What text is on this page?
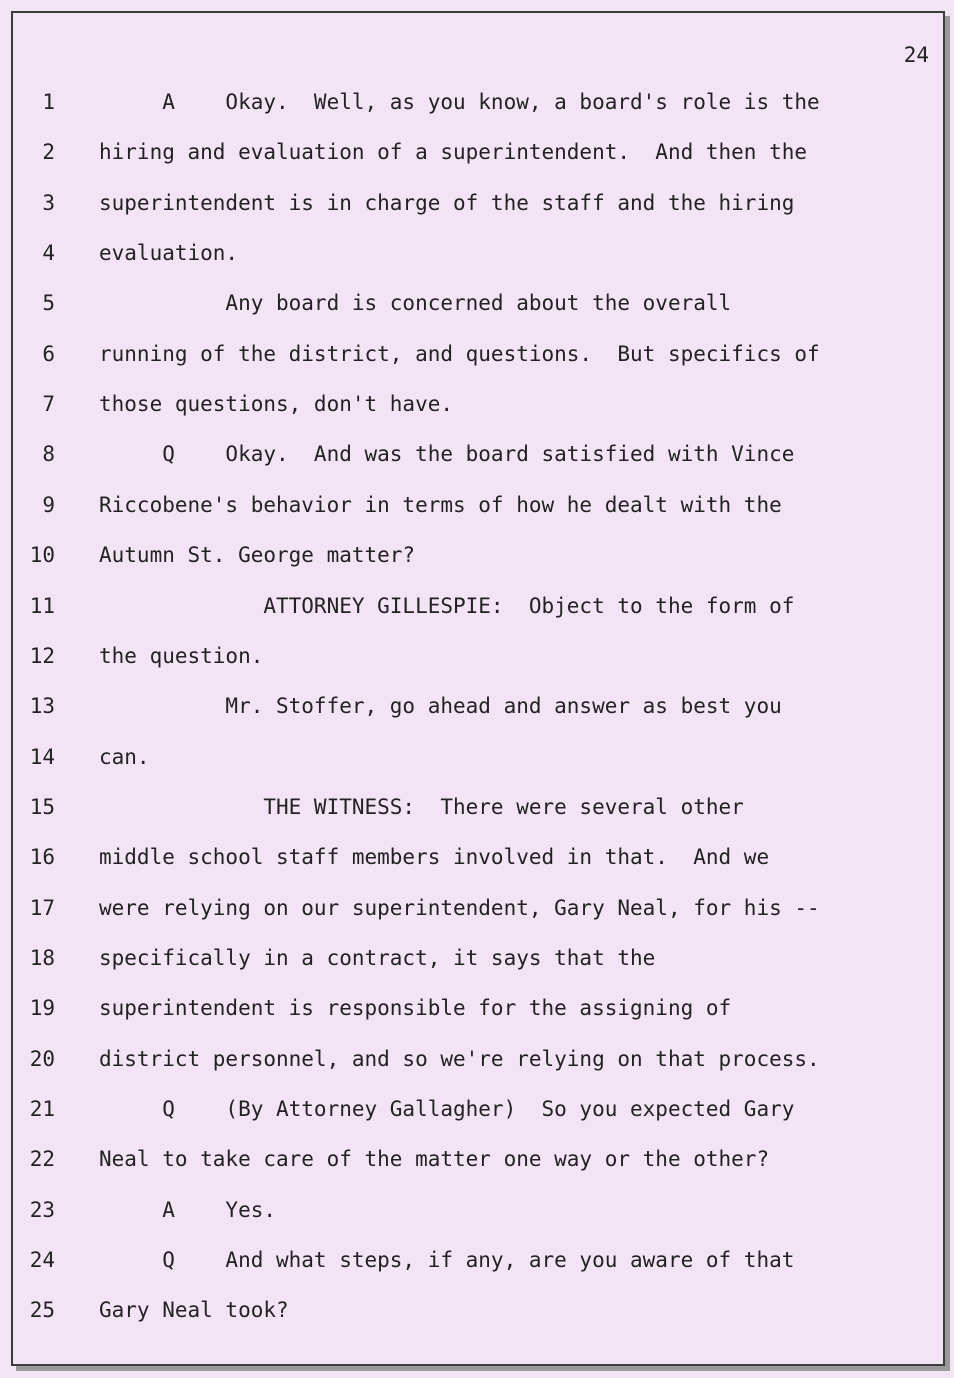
24
1 A    Okay.  Well, as you know, a board's role is the
2 hiring and evaluation of a superintendent.  And then the
3 superintendent is in charge of the staff and the hiring
4 evaluation.
5 Any board is concerned about the overall
6 running of the district, and questions.  But specifics of
7 those questions, don't have.
8 Q    Okay.  And was the board satisfied with Vince
9 Riccobene's behavior in terms of how he dealt with the
10 Autumn St. George matter?
11 ATTORNEY GILLESPIE:  Object to the form of
12 the question.
13 Mr. Stoffer, go ahead and answer as best you
14 can.
15 THE WITNESS:  There were several other
16 middle school staff members involved in that.  And we
17 were relying on our superintendent, Gary Neal, for his --
18 specifically in a contract, it says that the
19 superintendent is responsible for the assigning of
20 district personnel, and so we're relying on that process.
21 Q    (By Attorney Gallagher)  So you expected Gary
22 Neal to take care of the matter one way or the other?
23 A    Yes.
24 Q    And what steps, if any, are you aware of that
25 Gary Neal took?
